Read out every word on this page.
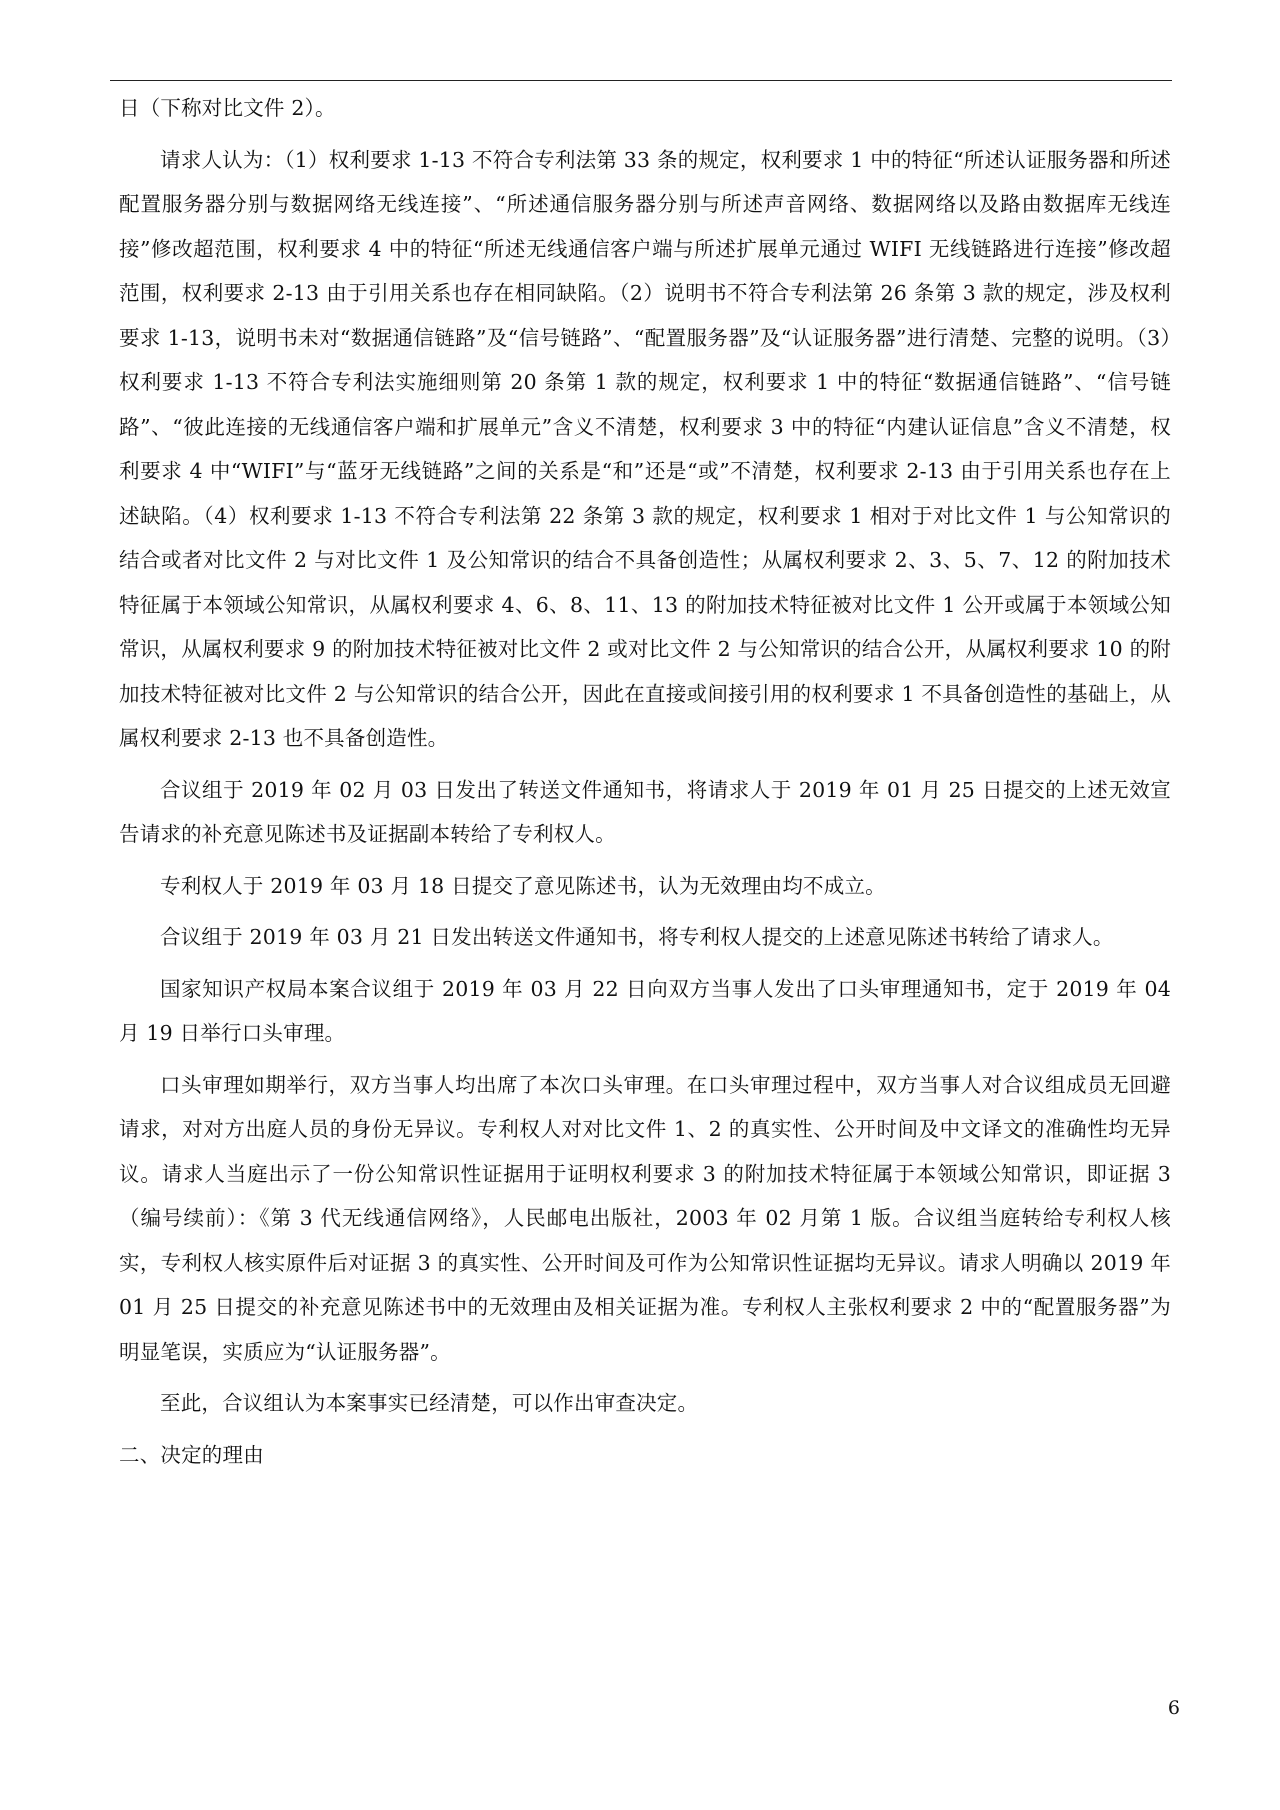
日（下称对比文件 2）。

请求人认为：（1）权利要求 1-13 不符合专利法第 33 条的规定，权利要求 1 中的特征“所述认证服务器和所述配置服务器分别与数据网络无线连接”、“所述通信服务器分别与所述声音网络、数据网络以及路由数据库无线连接”修改超范围，权利要求 4 中的特征“所述无线通信客户端与所述扩展单元通过 WIFI 无线链路进行连接”修改超范围，权利要求 2-13 由于引用关系也存在相同缺陷。（2）说明书不符合专利法第 26 条第 3 款的规定，涉及权利要求 1-13，说明书未对“数据通信链路”及“信号链路”、“配置服务器”及“认证服务器”进行清楚、完整的说明。（3）权利要求 1-13 不符合专利法实施细则第 20 条第 1 款的规定，权利要求 1 中的特征“数据通信链路”、“信号链路”、“彼此连接的无线通信客户端和扩展单元”含义不清楚，权利要求 3 中的特征“内建认证信息”含义不清楚，权利要求 4 中“WIFI”与“蓝牙无线链路”之间的关系是“和”还是“或”不清楚，权利要求 2-13 由于引用关系也存在上述缺陷。（4）权利要求 1-13 不符合专利法第 22 条第 3 款的规定，权利要求 1 相对于对比文件 1 与公知常识的结合或者对比文件 2 与对比文件 1 及公知常识的结合不具备创造性；从属权利要求 2、3、5、7、12 的附加技术特征属于本领域公知常识，从属权利要求 4、6、8、11、13 的附加技术特征被对比文件 1 公开或属于本领域公知常识，从属权利要求 9 的附加技术特征被对比文件 2 或对比文件 2 与公知常识的结合公开，从属权利要求 10 的附加技术特征被对比文件 2 与公知常识的结合公开，因此在直接或间接引用的权利要求 1 不具备创造性的基础上，从属权利要求 2-13 也不具备创造性。

合议组于 2019 年 02 月 03 日发出了转送文件通知书，将请求人于 2019 年 01 月 25 日提交的上述无效宣告请求的补充意见陈述书及证据副本转给了专利权人。

专利权人于 2019 年 03 月 18 日提交了意见陈述书，认为无效理由均不成立。

合议组于 2019 年 03 月 21 日发出转送文件通知书，将专利权人提交的上述意见陈述书转给了请求人。

国家知识产权局本案合议组于 2019 年 03 月 22 日向双方当事人发出了口头审理通知书，定于 2019 年 04 月 19 日举行口头审理。

口头审理如期举行，双方当事人均出席了本次口头审理。在口头审理过程中，双方当事人对合议组成员无回避请求，对对方出庭人员的身份无异议。专利权人对对比文件 1、2 的真实性、公开时间及中文译文的准确性均无异议。请求人当庭出示了一份公知常识性证据用于证明权利要求 3 的附加技术特征属于本领域公知常识，即证据 3（编号续前）：《第 3 代无线通信网络》，人民邮电出版社，2003 年 02 月第 1 版。合议组当庭转给专利权人核实，专利权人核实原件后对证据 3 的真实性、公开时间及可作为公知常识性证据均无异议。请求人明确以 2019 年 01 月 25 日提交的补充意见陈述书中的无效理由及相关证据为准。专利权人主张权利要求 2 中的“配置服务器”为明显笔误，实质应为“认证服务器”。

至此，合议组认为本案事实已经清楚，可以作出审查决定。

二、决定的理由

6
